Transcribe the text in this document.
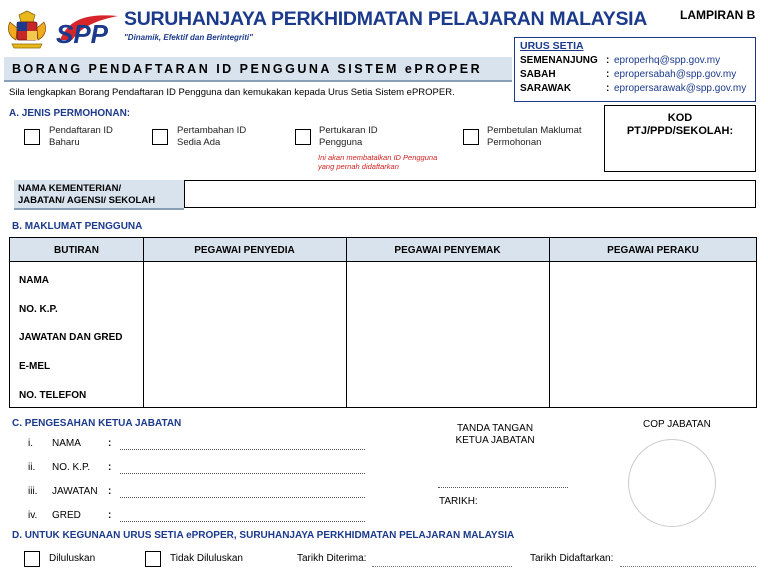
SPP SURUHANJAYA PERKHIDMATAN PELAJARAN MALAYSIA
"Dinamik, Efektif dan Berintegriti"
LAMPIRAN B
BORANG PENDAFTARAN ID PENGGUNA SISTEM ePROPER
URUS SETIA
SEMENANJUNG : eproperhq@spp.gov.my
SABAH	: epropersabah@spp.gov.my
SARAWAK	: epropersarawak@spp.gov.my
Sila lengkapkan Borang Pendaftaran ID Pengguna dan kemukakan kepada Urus Setia Sistem ePROPER.
A. JENIS PERMOHONAN:
Pendaftaran ID
Baharu
Pertambahan ID
Sedia Ada
Pertukaran ID
Pengguna
Ini akan membatalkan ID Pengguna
yang pernah didaftarkan
Pembetulan Maklumat
Permohonan
KOD
PTJ/PPD/SEKOLAH:
NAMA KEMENTERIAN/
JABATAN/ AGENSI/ SEKOLAH
B. MAKLUMAT PENGGUNA
BUTIRAN	PEGAWAI PENYEDIA	PEGAWAI PENYEMAK	PEGAWAI PERAKU
NAMA
NO. K.P.
JAWATAN DAN GRED
E-MEL
NO. TELEFON
C. PENGESAHAN KETUA JABATAN
i. NAMA	:
ii. NO. K.P. :
iii. JAWATAN :
iv. GRED	:
TANDA TANGAN
KETUA JABATAN
TARIKH:
COP JABATAN
D. UNTUK KEGUNAAN URUS SETIA ePROPER, SURUHANJAYA PERKHIDMATAN PELAJARAN MALAYSIA
Diluluskan	Tidak Diluluskan	Tarikh Diterima:	Tarikh Didaftarkan:
